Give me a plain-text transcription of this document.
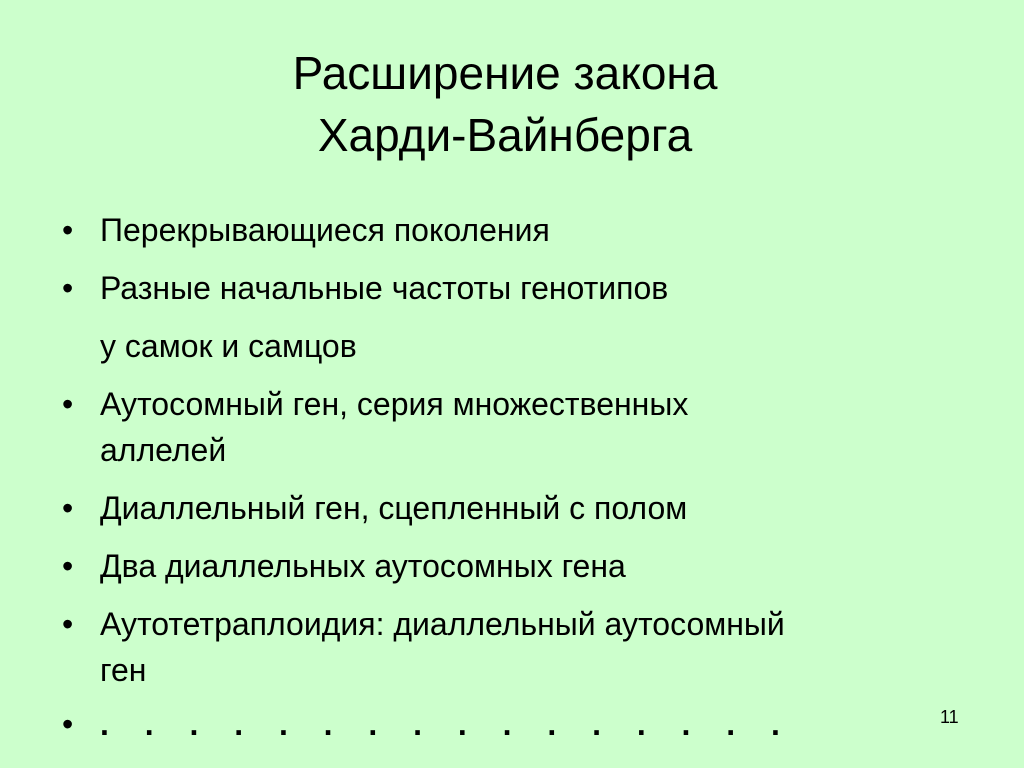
Расширение закона
Харди-Вайнберга
• Перекрывающиеся поколения
• Разные начальные частоты генотипов
у самок и самцов
• Аутосомный ген, серия множественных
аллелей
• Диаллельный ген, сцепленный с полом
• Два диаллельных аутосомных гена
• Аутотетраплоидия: диаллельный аутосомный
ген
• . . . . . . . . . . . . . . . .	11
